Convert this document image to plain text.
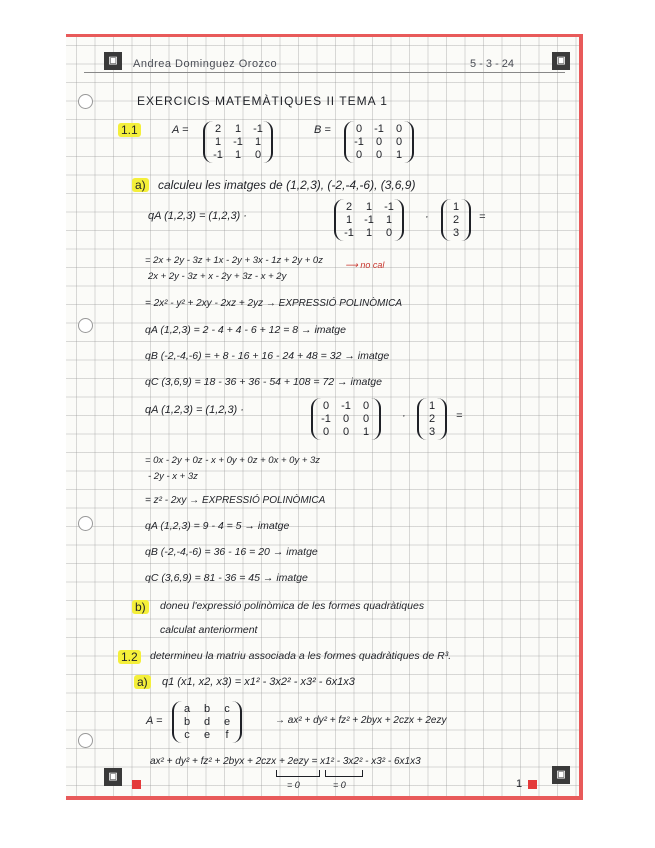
▣	▣
Andrea Dominguez Orozco	5 - 3 - 24
EXERCICIS MATEMÀTIQUES II TEMA 1
1.1	A =	2	1	-1
1	-1	1
-1	1	0
B =	0	-1	0
-1	0	0
0	0	1
a) calculeu les imatges de (1,2,3), (-2,-4,-6), (3,6,9)
qA (1,2,3) = (1,2,3) ·
2	1	-1
1	-1	1
-1	1	0
·
1
2
3
=
= 2x + 2y - 3z + 1x - 2y + 3x - 1z + 2y + 0z
2x + 2y - 3z + x - 2y + 3z - x + 2y
⟶ no cal
= 2x² - y² + 2xy - 2xz + 2yz → EXPRESSIÓ POLINÒMICA
qA (1,2,3) = 2 - 4 + 4 - 6 + 12 = 8 → imatge
qB (-2,-4,-6) = + 8 - 16 + 16 - 24 + 48 = 32 → imatge
qC (3,6,9) = 18 - 36 + 36 - 54 + 108 = 72 → imatge
qA (1,2,3) = (1,2,3) ·	0	-1	0
-1	0	0
0	0	1
·
1
2
3
=
= 0x - 2y + 0z - x + 0y + 0z + 0x + 0y + 3z
- 2y - x + 3z
= z² - 2xy → EXPRESSIÓ POLINÒMICA
qA (1,2,3) = 9 - 4 = 5 → imatge
qB (-2,-4,-6) = 36 - 16 = 20 → imatge
qC (3,6,9) = 81 - 36 = 45 → imatge
b) doneu l'expressió polinòmica de les formes quadràtiques
calculat anteriorment
1.2 determineu la matriu associada a les formes quadràtiques de R³.
a) q1 (x1, x2, x3) = x1² - 3x2² - x3² - 6x1x3
A =
a	b	c
b	d	e
c	e	f
→ ax² + dy² + fz² + 2byx + 2czx + 2ezy
ax² + dy² + fz² + 2byx + 2czx + 2ezy = x1² - 3x2² - x3² - 6x1x3
= 0	= 0
▣	▣
1
